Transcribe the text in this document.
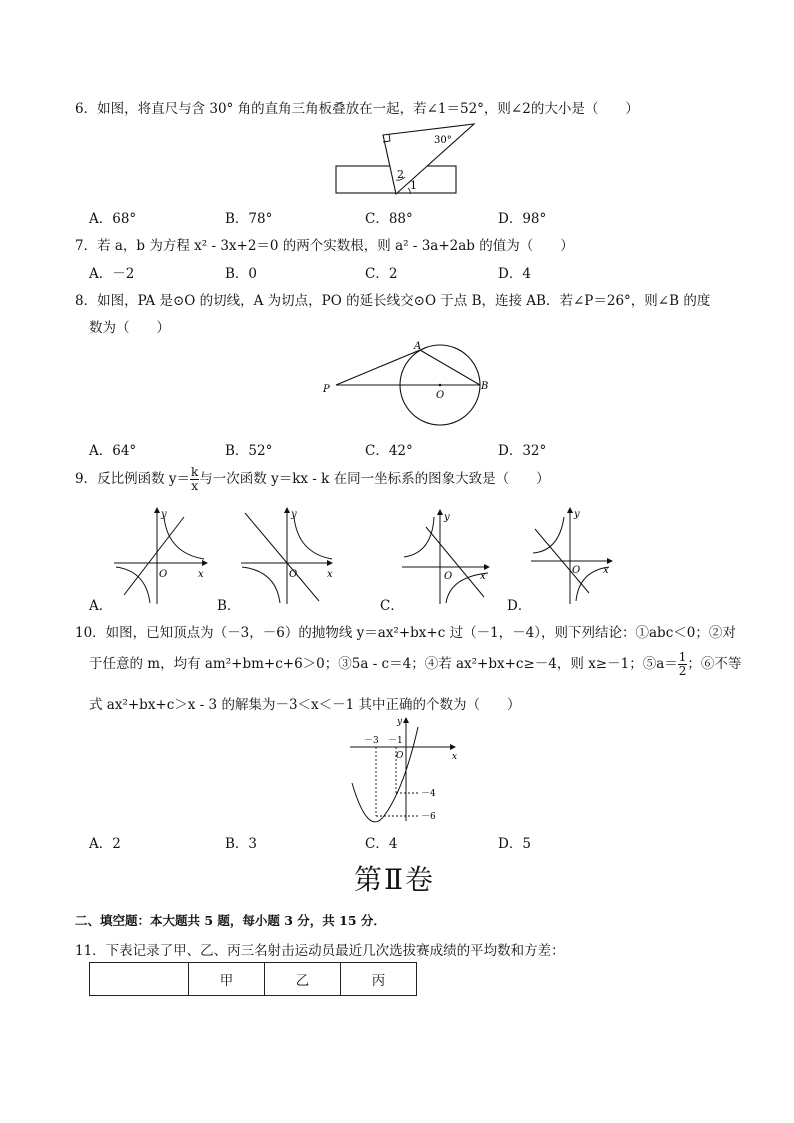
6．如图，将直尺与含 30° 角的直角三角板叠放在一起，若∠1＝52°，则∠2的大小是（　　）
30°
2
1
A．68°	B．78°	C．88°	D．98°
7．若 a，b 为方程 x² - 3x+2＝0 的两个实数根，则 a² - 3a+2ab 的值为（　　）
A．－2	B．0	C．2	D．4
8．如图，PA 是⊙O 的切线，A 为切点，PO 的延长线交⊙O 于点 B，连接 AB．若∠P＝26°，则∠B 的度
数为（　　）
A
P
O
B
A．64°	B．52°	C．42°	D．32°
9．反比例函数 $y= \frac{k}{x}$ 与一次函数 y＝kx - k 在同一坐标系的图象大致是（　　）
y
x
O
y
x
O
y
x
O
y
x
O
A．	B．	C．	D．
10．如图，已知顶点为（－3，－6）的抛物线 y＝ax²+bx+c 过（－1，－4），则下列结论：①abc＜0；②对
于任意的 m，均有 am²+bm+c+6＞0；③5a - c＝4；④若 ax²+bx+c≥－4，则 x≥－1；⑤a＝ $\frac{1}{2}$ ；⑥不等
式 ax²+bx+c＞x - 3 的解集为－3＜x＜－1 其中正确的个数为（　　）
y
－3 －1
O	x
－4
－6
A．2	B．3	C．4	D．5
第Ⅱ卷
二、填空题：本大题共 5 题，每小题 3 分，共 15 分．
11．下表记录了甲、乙、丙三名射击运动员最近几次选拔赛成绩的平均数和方差：
	甲	乙	丙
